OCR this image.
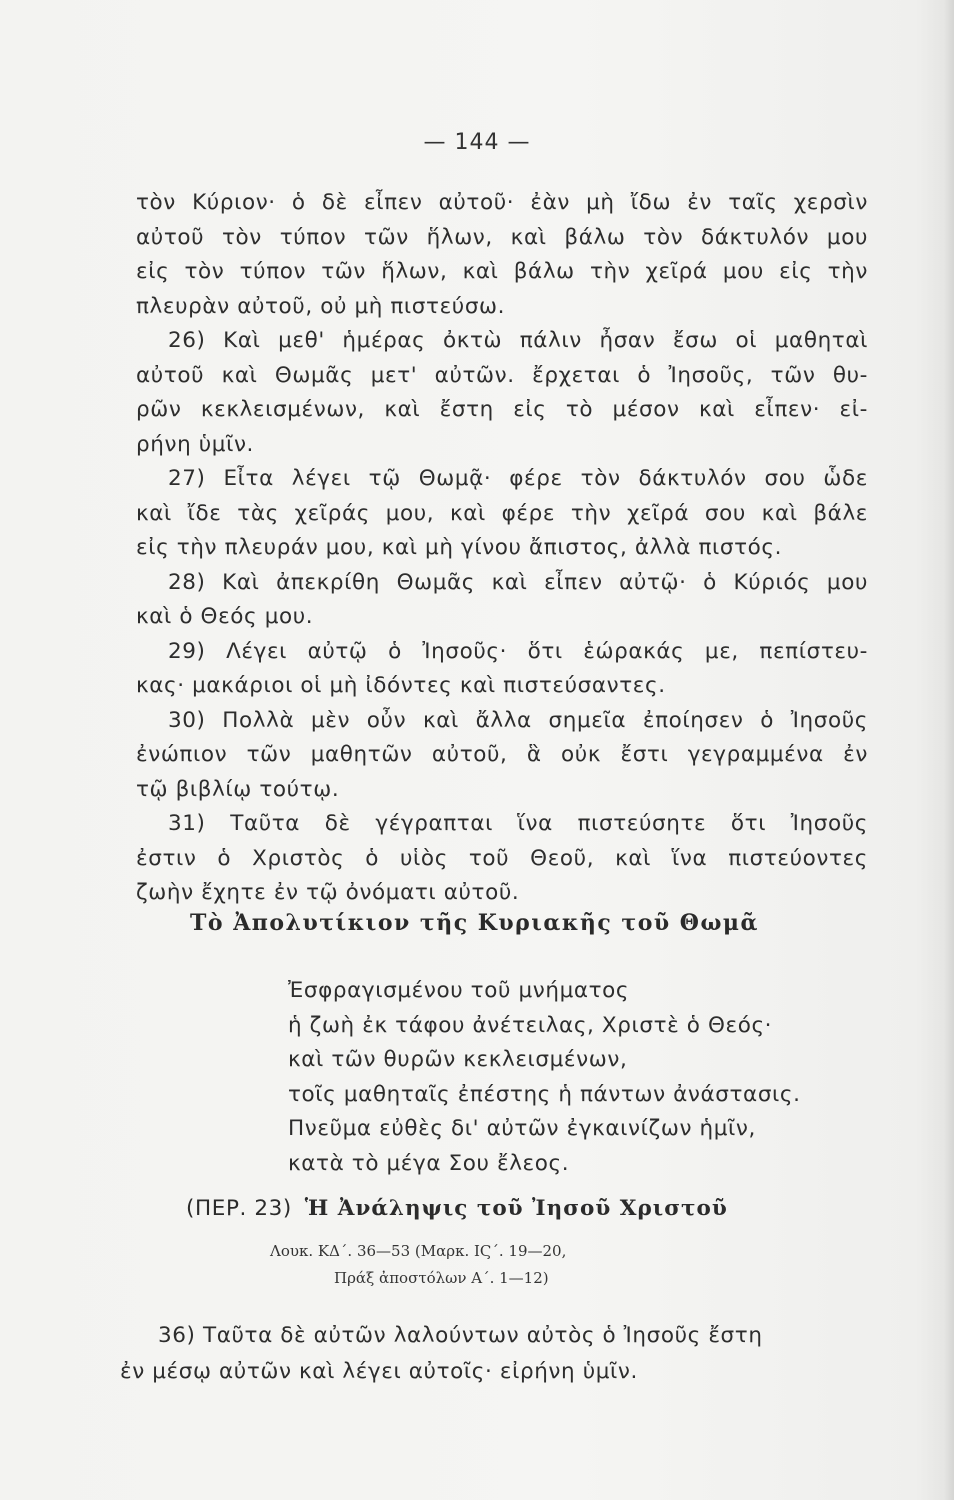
— 144 —
τὸν Κύριον· ὁ δὲ εἶπεν αὐτοῦ· ἐὰν μὴ ἴδω ἐν ταῖς χερσὶν
αὐτοῦ τὸν τύπον τῶν ἥλων, καὶ βάλω τὸν δάκτυλόν μου
εἰς τὸν τύπον τῶν ἥλων, καὶ βάλω τὴν χεῖρά μου εἰς τὴν
πλευρὰν αὐτοῦ, οὐ μὴ πιστεύσω.
26) Καὶ μεθ' ἡμέρας ὀκτὼ πάλιν ἦσαν ἔσω οἱ μαθηταὶ
αὐτοῦ καὶ Θωμᾶς μετ' αὐτῶν. ἔρχεται ὁ Ἰησοῦς, τῶν θυ-
ρῶν κεκλεισμένων, καὶ ἔστη εἰς τὸ μέσον καὶ εἶπεν· εἰ-
ρήνη ὑμῖν.
27) Εἶτα λέγει τῷ Θωμᾷ· φέρε τὸν δάκτυλόν σου ὧδε
καὶ ἴδε τὰς χεῖράς μου, καὶ φέρε τὴν χεῖρά σου καὶ βάλε
εἰς τὴν πλευράν μου, καὶ μὴ γίνου ἄπιστος, ἀλλὰ πιστός.
28) Καὶ ἀπεκρίθη Θωμᾶς καὶ εἶπεν αὐτῷ· ὁ Κύριός μου
καὶ ὁ Θεός μου.
29) Λέγει αὐτῷ ὁ Ἰησοῦς· ὅτι ἑώρακάς με, πεπίστευ-
κας· μακάριοι οἱ μὴ ἰδόντες καὶ πιστεύσαντες.
30) Πολλὰ μὲν οὖν καὶ ἄλλα σημεῖα ἐποίησεν ὁ Ἰησοῦς
ἐνώπιον τῶν μαθητῶν αὐτοῦ, ἃ οὐκ ἔστι γεγραμμένα ἐν
τῷ βιβλίῳ τούτῳ.
31) Ταῦτα δὲ γέγραπται ἵνα πιστεύσητε ὅτι Ἰησοῦς
ἐστιν ὁ Χριστὸς ὁ υἱὸς τοῦ Θεοῦ, καὶ ἵνα πιστεύοντες
ζωὴν ἔχητε ἐν τῷ ὀνόματι αὐτοῦ.
Τὸ Ἀπολυτίκιον τῆς Κυριακῆς τοῦ Θωμᾶ
Ἐσφραγισμένου τοῦ μνήματος
ἡ ζωὴ ἐκ τάφου ἀνέτειλας, Χριστὲ ὁ Θεός·
καὶ τῶν θυρῶν κεκλεισμένων,
τοῖς μαθηταῖς ἐπέστης ἡ πάντων ἀνάστασις.
Πνεῦμα εὐθὲς δι' αὐτῶν ἐγκαινίζων ἡμῖν,
κατὰ τὸ μέγα Σου ἔλεος.
(ΠΕΡ. 23) Ἡ Ἀνάληψις τοῦ Ἰησοῦ Χριστοῦ
Λουκ. ΚΔ΄. 36—53 (Μαρκ. ΙϚ΄. 19—20,
Πράξ ἀποστόλων Α΄. 1—12)
36) Ταῦτα δὲ αὐτῶν λαλούντων αὐτὸς ὁ Ἰησοῦς ἔστη
ἐν μέσῳ αὐτῶν καὶ λέγει αὐτοῖς· εἰρήνη ὑμῖν.
